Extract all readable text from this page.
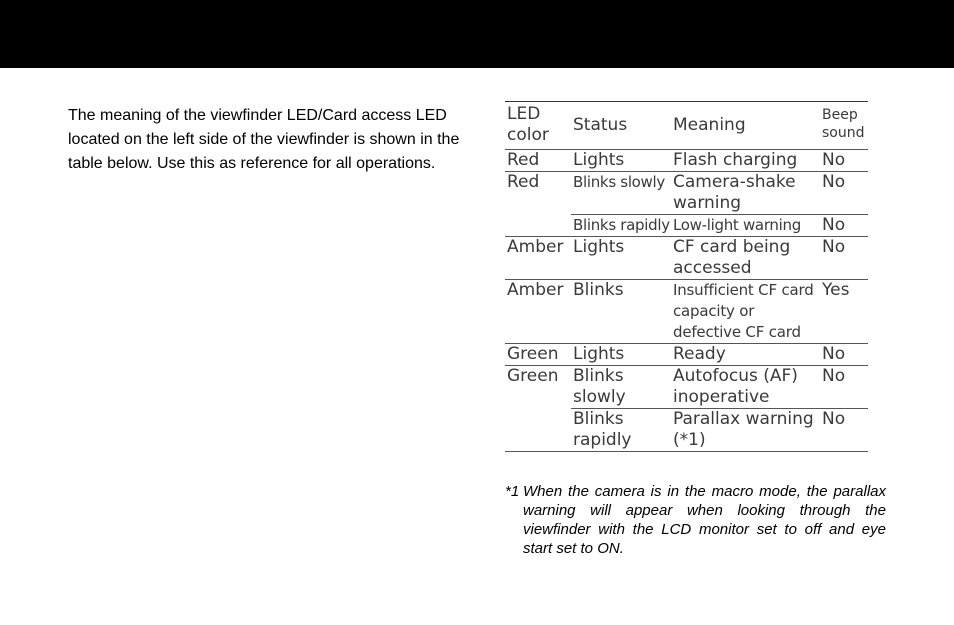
The meaning of the viewfinder LED/Card access LED located on the left side of the viewfinder is shown in the table below. Use this as reference for all operations.

LED color	Status	Meaning	Beep sound
Red	Lights	Flash charging	No
Red	Blinks slowly	Camera-shake warning	No
	Blinks rapidly	Low-light warning	No
Amber	Lights	CF card being accessed	No
Amber	Blinks	Insufficient CF card capacity or defective CF card	Yes
Green	Lights	Ready	No
Green	Blinks slowly	Autofocus (AF) inoperative	No
	Blinks rapidly	Parallax warning (*1)	No
*1 When the camera is in the macro mode, the parallax warning will appear when looking through the viewfinder with the LCD monitor set to off and eye start set to ON.
